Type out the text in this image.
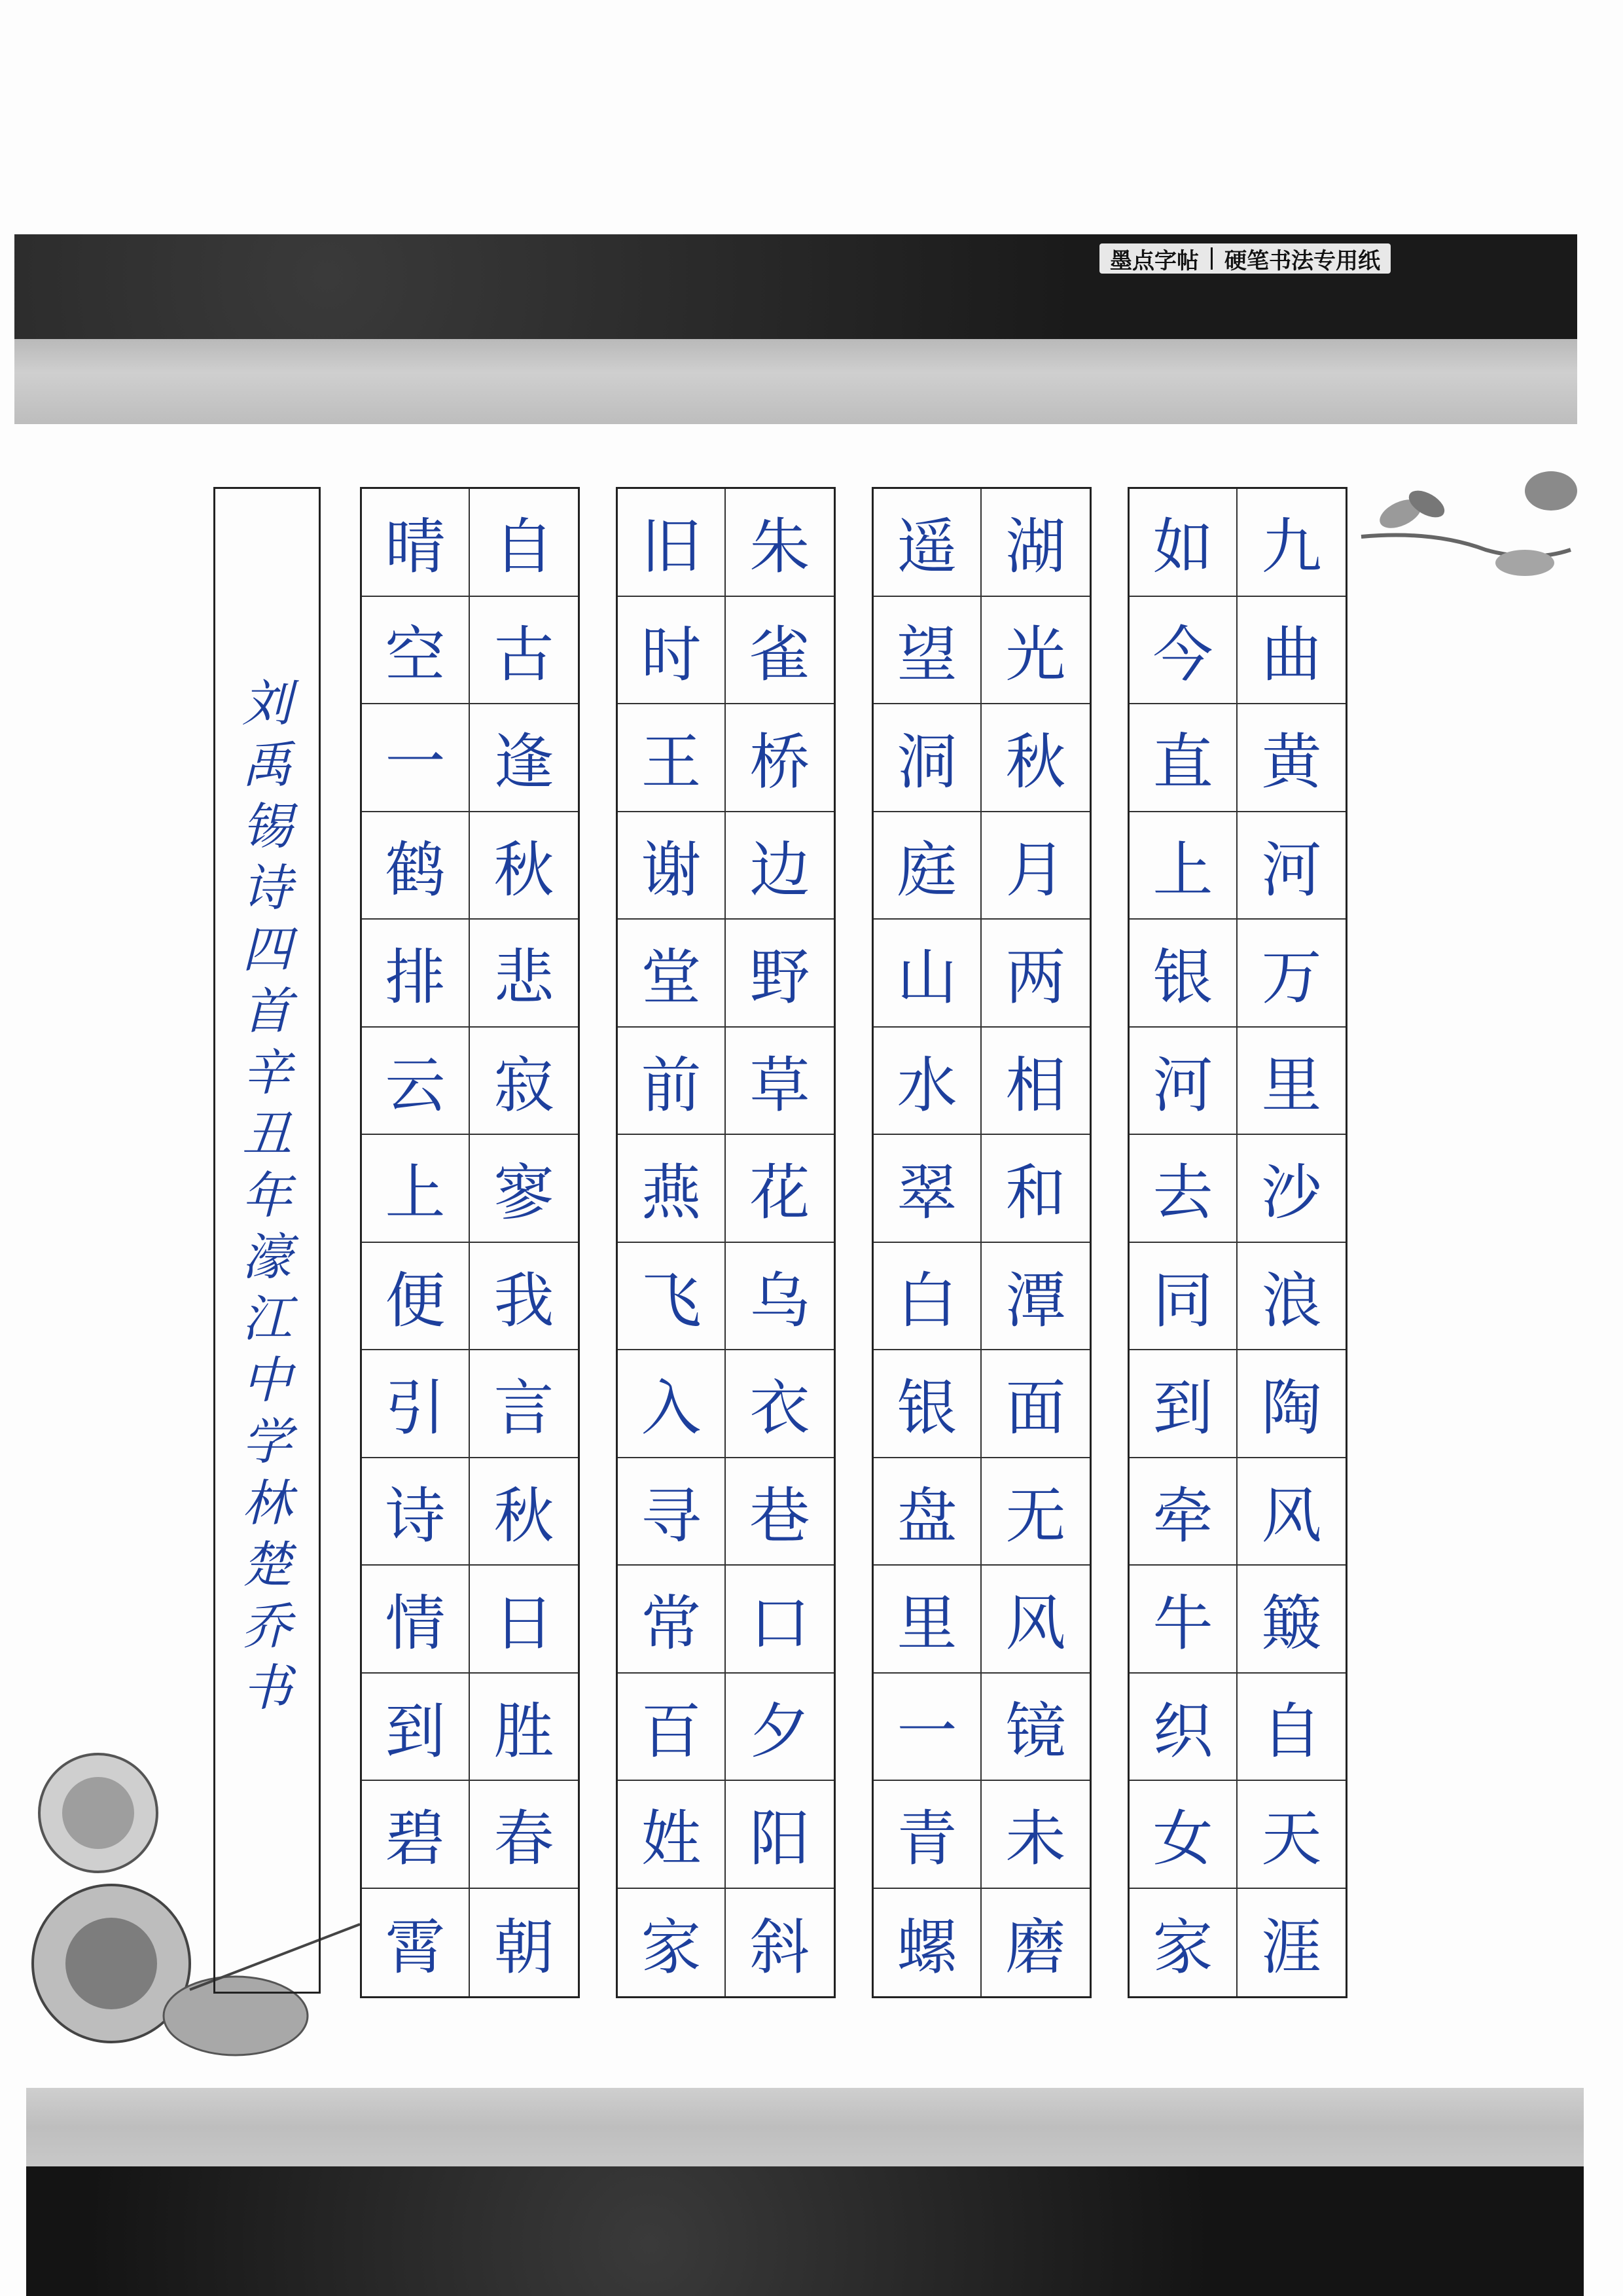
墨点字帖 硬笔书法专用纸
刘
禹
锡
诗
四
首
辛
丑
年
濠
江
中
学
林
楚
乔
书
晴 自
空 古
一 逢
鹤 秋
排 悲
云 寂
上 寥
便 我
引 言
诗 秋
情 日
到 胜
碧 春
霄 朝
旧 朱
时 雀
王 桥
谢 边
堂 野
前 草
燕 花
飞 乌
入 衣
寻 巷
常 口
百 夕
姓 阳
家 斜
遥 湖
望 光
洞 秋
庭 月
山 两
水 相
翠 和
白 潭
银 面
盘 无
里 风
一 镜
青 未
螺 磨
如 九
今 曲
直 黄
上 河
银 万
河 里
去 沙
同 浪
到 陶
牵 风
牛 簸
织 自
女 天
家 涯
